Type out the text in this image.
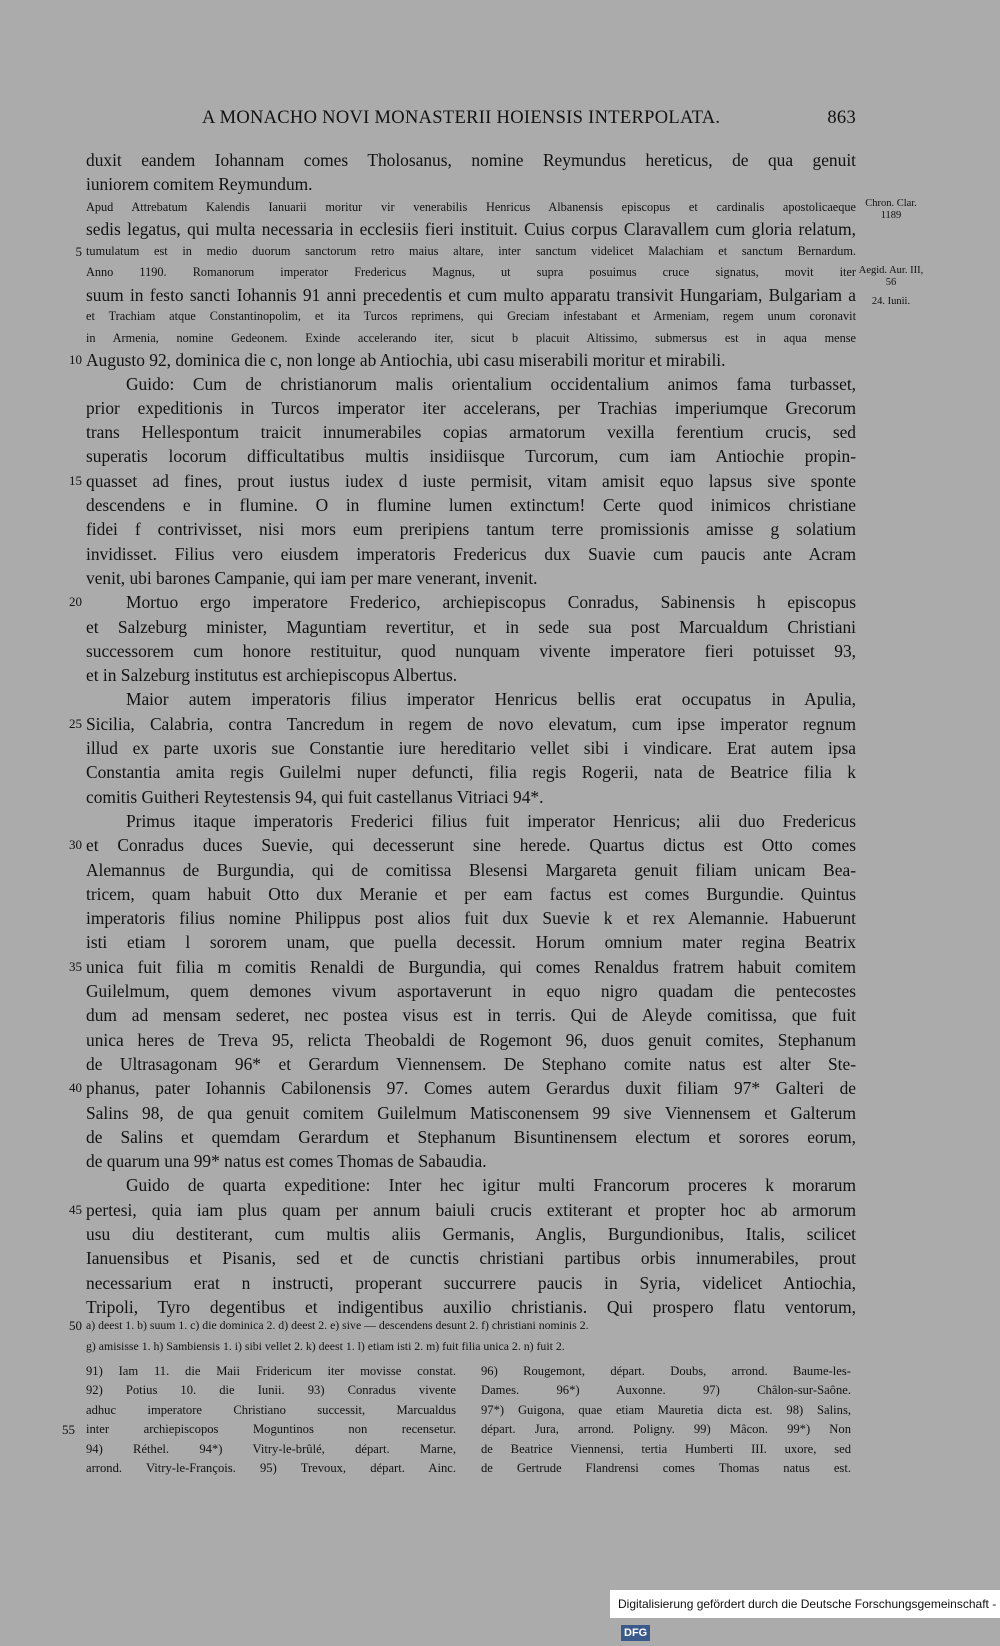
A MONACHO NOVI MONASTERII HOIENSIS INTERPOLATA.	863
duxit eandem Iohannam comes Tholosanus, nomine Reymundus hereticus, de qua genuit
iuniorem comitem Reymundum.
Apud Attrebatum Kalendis Ianuarii moritur vir venerabilis Henricus Albanensis episcopus et cardinalis apostolicaeque
sedis legatus, qui multa necessaria in ecclesiis fieri instituit. Cuius corpus Claravallem cum gloria relatum,
tumulatum est in medio duorum sanctorum retro maius altare, inter sanctum videlicet Malachiam et sanctum Bernardum.
5
Anno 1190. Romanorum imperator Fredericus Magnus, ut supra posuimus cruce signatus, movit iter
suum in festo sancti Iohannis 91 anni precedentis et cum multo apparatu transivit Hungariam, Bulgariam a
et Trachiam atque Constantinopolim, et ita Turcos reprimens, qui Greciam infestabant et Armeniam, regem unum coronavit
in Armenia, nomine Gedeonem. Exinde accelerando iter, sicut b placuit Altissimo, submersus est in aqua mense
Augusto 92, dominica die c, non longe ab Antiochia, ubi casu miserabili moritur et mirabili.
10
Guido: Cum de christianorum malis orientalium occidentalium animos fama turbasset,
prior expeditionis in Turcos imperator iter accelerans, per Trachias imperiumque Grecorum
trans Hellespontum traicit innumerabiles copias armatorum vexilla ferentium crucis, sed
superatis locorum difficultatibus multis insidiisque Turcorum, cum iam Antiochie propin-
quasset ad fines, prout iustus iudex d iuste permisit, vitam amisit equo lapsus sive sponte
15
descendens e in flumine. O in flumine lumen extinctum! Certe quod inimicos christiane
fidei f contrivisset, nisi mors eum preripiens tantum terre promissionis amisse g solatium
invidisset. Filius vero eiusdem imperatoris Fredericus dux Suavie cum paucis ante Acram
venit, ubi barones Campanie, qui iam per mare venerant, invenit.
Mortuo ergo imperatore Frederico, archiepiscopus Conradus, Sabinensis h episcopus
20
et Salzeburg minister, Maguntiam revertitur, et in sede sua post Marcualdum Christiani
successorem cum honore restituitur, quod nunquam vivente imperatore fieri potuisset 93,
et in Salzeburg institutus est archiepiscopus Albertus.
Maior autem imperatoris filius imperator Henricus bellis erat occupatus in Apulia,
Sicilia, Calabria, contra Tancredum in regem de novo elevatum, cum ipse imperator regnum
25
illud ex parte uxoris sue Constantie iure hereditario vellet sibi i vindicare. Erat autem ipsa
Constantia amita regis Guilelmi nuper defuncti, filia regis Rogerii, nata de Beatrice filia k
comitis Guitheri Reytestensis 94, qui fuit castellanus Vitriaci 94*.
Primus itaque imperatoris Frederici filius fuit imperator Henricus; alii duo Fredericus
et Conradus duces Suevie, qui decesserunt sine herede. Quartus dictus est Otto comes
30
Alemannus de Burgundia, qui de comitissa Blesensi Margareta genuit filiam unicam Bea-
tricem, quam habuit Otto dux Meranie et per eam factus est comes Burgundie. Quintus
imperatoris filius nomine Philippus post alios fuit dux Suevie k et rex Alemannie. Habuerunt
isti etiam l sororem unam, que puella decessit. Horum omnium mater regina Beatrix
unica fuit filia m comitis Renaldi de Burgundia, qui comes Renaldus fratrem habuit comitem
35
Guilelmum, quem demones vivum asportaverunt in equo nigro quadam die pentecostes
dum ad mensam sederet, nec postea visus est in terris. Qui de Aleyde comitissa, que fuit
unica heres de Treva 95, relicta Theobaldi de Rogemont 96, duos genuit comites, Stephanum
de Ultrasagonam 96* et Gerardum Viennensem. De Stephano comite natus est alter Ste-
phanus, pater Iohannis Cabilonensis 97. Comes autem Gerardus duxit filiam 97* Galteri de
40
Salins 98, de qua genuit comitem Guilelmum Matisconensem 99 sive Viennensem et Galterum
de Salins et quemdam Gerardum et Stephanum Bisuntinensem electum et sorores eorum,
de quarum una 99* natus est comes Thomas de Sabaudia.
Guido de quarta expeditione: Inter hec igitur multi Francorum proceres k morarum
pertesi, quia iam plus quam per annum baiuli crucis extiterant et propter hoc ab armorum
45
usu diu destiterant, cum multis aliis Germanis, Anglis, Burgundionibus, Italis, scilicet
Ianuensibus et Pisanis, sed et de cunctis christiani partibus orbis innumerabiles, prout
necessarium erat n instructi, properant succurrere paucis in Syria, videlicet Antiochia,
Tripoli, Tyro degentibus et indigentibus auxilio christianis. Qui prospero flatu ventorum,
Chron. Clar. 1189
Aegid. Aur. III, 56
24. Iunii.
a) deest 1. b) suum 1. c) die dominica 2. d) deest 2. e) sive — descendens desunt 2. f) christiani nominis 2.
50
g) amisisse 1. h) Sambiensis 1. i) sibi vellet 2. k) deest 1. l) etiam isti 2. m) fuit filia unica 2. n) fuit 2.
91) Iam 11. die Maii Fridericum iter movisse constat.
92) Potius 10. die Iunii. 93) Conradus vivente
adhuc imperatore Christiano successit, Marcualdus
inter archiepiscopos Moguntinos non recensetur.
55
94) Réthel. 94*) Vitry-le-brûlé, départ. Marne,
arrond. Vitry-le-François. 95) Trevoux, départ. Ainc.
96) Rougemont, départ. Doubs, arrond. Baume-les-
Dames. 96*) Auxonne. 97) Châlon-sur-Saône.
97*) Guigona, quae etiam Mauretia dicta est. 98) Salins,
départ. Jura, arrond. Poligny. 99) Mâcon. 99*) Non
de Beatrice Viennensi, tertia Humberti III. uxore, sed
de Gertrude Flandrensi comes Thomas natus est.
Digitalisierung gefördert durch die Deutsche Forschungsgemeinschaft - DFG
